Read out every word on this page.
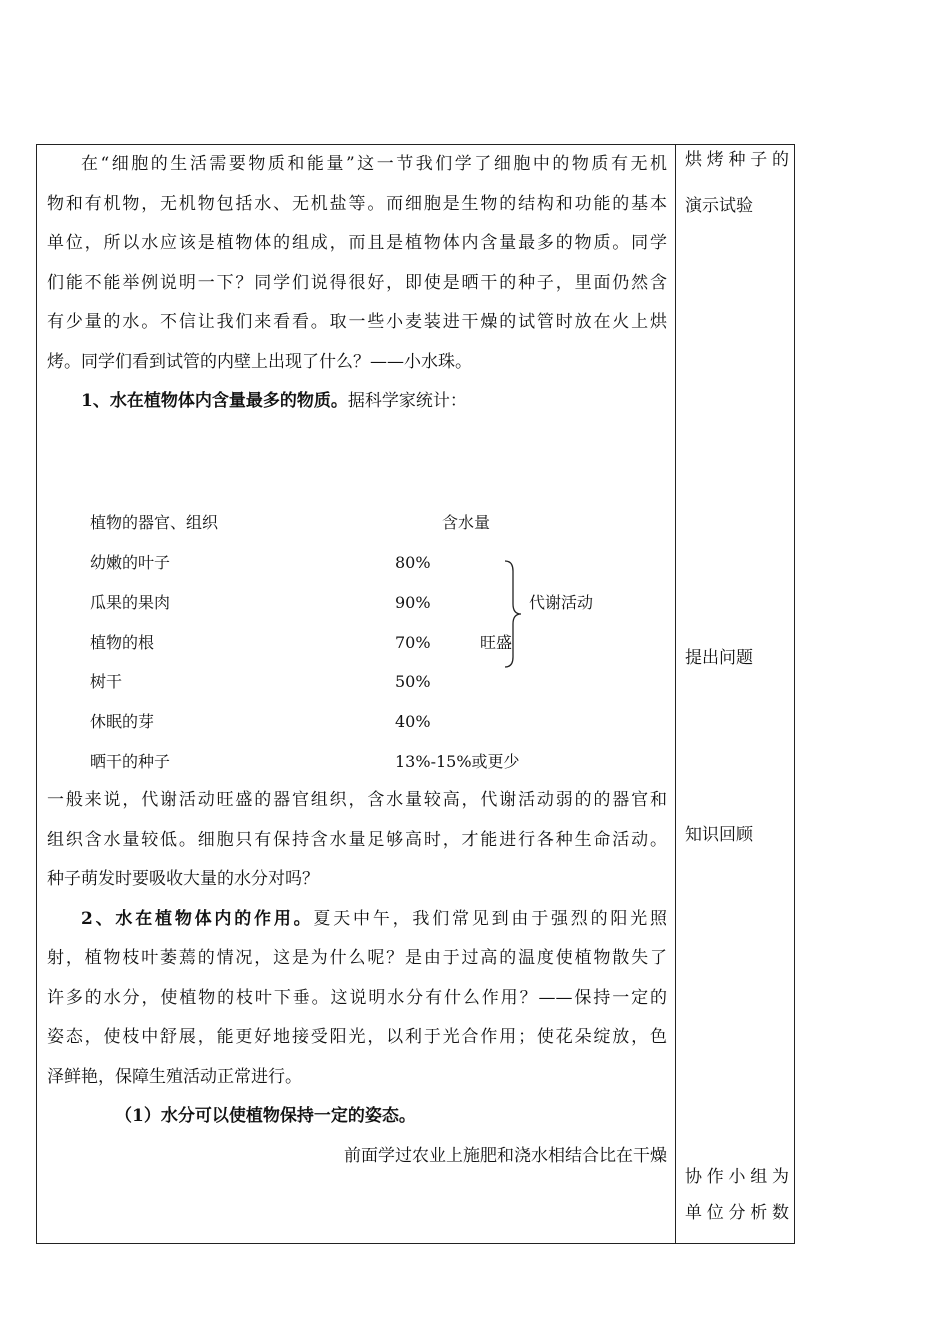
在“细胞的生活需要物质和能量”这一节我们学了细胞中的物质有无机

物和有机物，无机物包括水、无机盐等。而细胞是生物的结构和功能的基本

单位，所以水应该是植物体的组成，而且是植物体内含量最多的物质。同学

们能不能举例说明一下？同学们说得很好，即使是晒干的种子，里面仍然含

有少量的水。不信让我们来看看。取一些小麦装进干燥的试管时放在火上烘

烤。同学们看到试管的内壁上出现了什么？——小水珠。

1、水在植物体内含量最多的物质。据科学家统计：

植物的器官、组织	含水量
幼嫩的叶子	80%
瓜果的果肉	90%
植物的根	70%
树干	50%
休眠的芽	40%
晒干的种子	13%-15%或更少
代谢活动
旺盛

一般来说，代谢活动旺盛的器官组织，含水量较高，代谢活动弱的的器官和

组织含水量较低。细胞只有保持含水量足够高时，才能进行各种生命活动。

种子萌发时要吸收大量的水分对吗？

2、水在植物体内的作用。夏天中午，我们常见到由于强烈的阳光照

射，植物枝叶萎蔫的情况，这是为什么呢？是由于过高的温度使植物散失了

许多的水分，使植物的枝叶下垂。这说明水分有什么作用？——保持一定的

姿态，使枝中舒展，能更好地接受阳光，以利于光合作用；使花朵绽放，色

泽鲜艳，保障生殖活动正常进行。

（1）水分可以使植物保持一定的姿态。

前面学过农业上施肥和浇水相结合比在干燥

烘烤种子的
演示试验
提出问题
知识回顾
协作小组为
单位分析数
